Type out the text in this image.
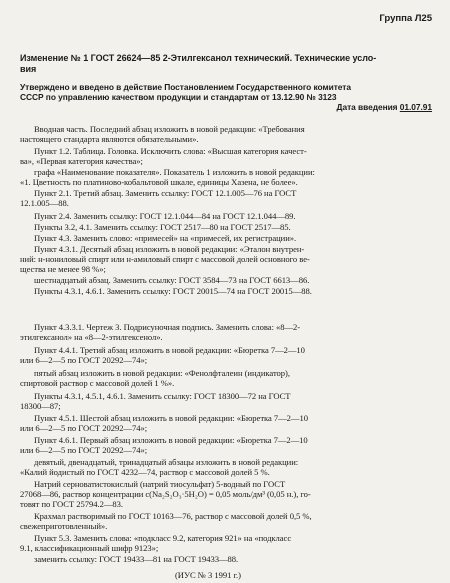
Группа Л25
Изменение № 1 ГОСТ 26624—85 2-Этилгексанол технический. Технические усло-
вия
Утверждено и введено в действие Постановлением Государственного комитета
СССР по управлению качеством продукции и стандартам от 13.12.90 № 3123
Дата введения 01.07.91
Вводная часть. Последний абзац изложить в новой редакции: «Требования
настоящего стандарта являются обязательными».
Пункт 1.2. Таблица. Головка. Исключить слова: «Высшая категория качест-
ва», «Первая категория качества»;
графа «Наименование показателя». Показатель 1 изложить в новой редакции:
«1. Цветность по платиново-кобальтовой шкале, единицы Хазена, не более».
Пункт 2.1. Третий абзац. Заменить ссылку: ГОСТ 12.1.005—76 на ГОСТ
12.1.005—88.
Пункт 2.4. Заменить ссылку: ГОСТ 12.1.044—84 на ГОСТ 12.1.044—89.
Пункты 3.2, 4.1. Заменить ссылку: ГОСТ 2517—80 на ГОСТ 2517—85.
Пункт 4.3. Заменить слово: «примесей» на «примесей, их регистрации».
Пункт 4.3.1. Десятый абзац изложить в новой редакции: «Эталон внутрен-
ний: н-нониловый спирт или н-амиловый спирт с массовой долей основного ве-
щества не менее 98 %»;
шестнадцатый абзац. Заменить ссылку: ГОСТ 3584—73 на ГОСТ 6613—86.
Пункты 4.3.1, 4.6.1. Заменить ссылку: ГОСТ 20015—74 на ГОСТ 20015—88.
Пункт 4.3.3.1. Чертеж 3. Подрисуночная подпись. Заменить слова: «8—2-
этилгексанол» на «8—2-этилгексенол».
Пункт 4.4.1. Третий абзац изложить в новой редакции: «Бюретка 7—2—10
или 6—2—5 по ГОСТ 20292—74»;
пятый абзац изложить в новой редакции: «Фенолфталеин (индикатор),
спиртовой раствор с массовой долей 1 %».
Пункты 4.3.1, 4.5.1, 4.6.1. Заменить ссылку: ГОСТ 18300—72 на ГОСТ
18300—87;
Пункт 4.5.1. Шестой абзац изложить в новой редакции: «Бюретка 7—2—10
или 6—2—5 по ГОСТ 20292—74»;
Пункт 4.6.1. Первый абзац изложить в новой редакции: «Бюретка 7—2—10
или 6—2—5 по ГОСТ 20292—74»;
девятый, двенадцатый, тринадцатый абзацы изложить в новой редакции:
«Калий йодистый по ГОСТ 4232—74, раствор с массовой долей 5 %.
Натрий серноватистокислый (натрий тиосульфат) 5-водный по ГОСТ
27068—86, раствор концентрации с(Na₂S₂O₃·5H₂O) = 0,05 моль/дм³ (0,05 н.), го-
товят по ГОСТ 25794.2—83.
Крахмал растворимый по ГОСТ 10163—76, раствор с массовой долей 0,5 %,
свежеприготовленный».
Пункт 5.3. Заменить слова: «подкласс 9.2, категория 921» на «подкласс
9.1, классификационный шифр 9123»;
заменить ссылку: ГОСТ 19433—81 на ГОСТ 19433—88.
(ИУС № 3 1991 г.)
